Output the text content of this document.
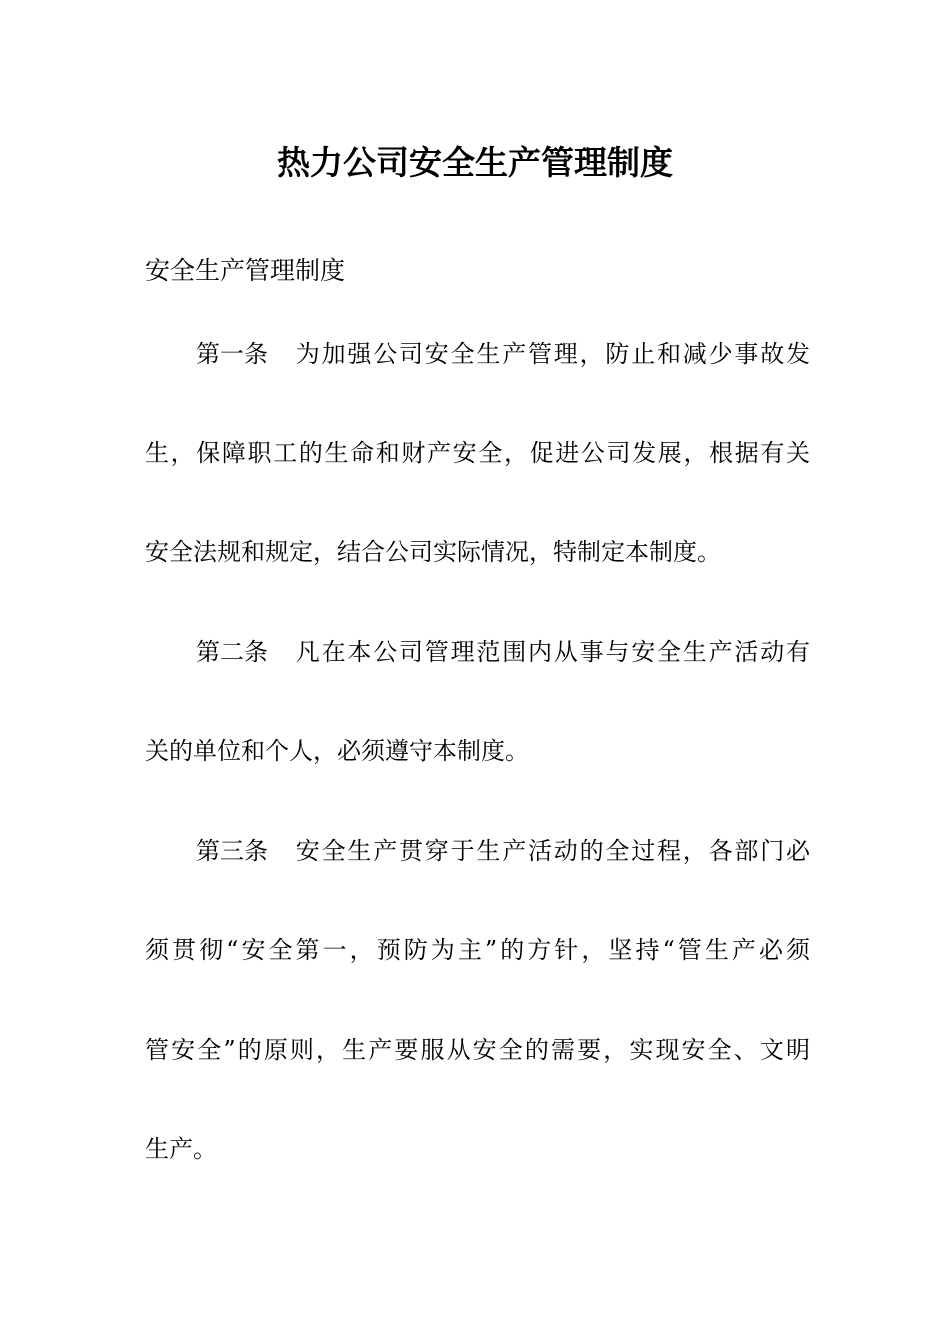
热力公司安全生产管理制度

安全生产管理制度

第一条 为加强公司安全生产管理，防止和减少事故发

生，保障职工的生命和财产安全，促进公司发展，根据有关

安全法规和规定，结合公司实际情况，特制定本制度。

第二条 凡在本公司管理范围内从事与安全生产活动有

关的单位和个人，必须遵守本制度。

第三条 安全生产贯穿于生产活动的全过程，各部门必

须贯彻“安全第一，预防为主”的方针，坚持“管生产必须

管安全”的原则，生产要服从安全的需要，实现安全、文明

生产。
